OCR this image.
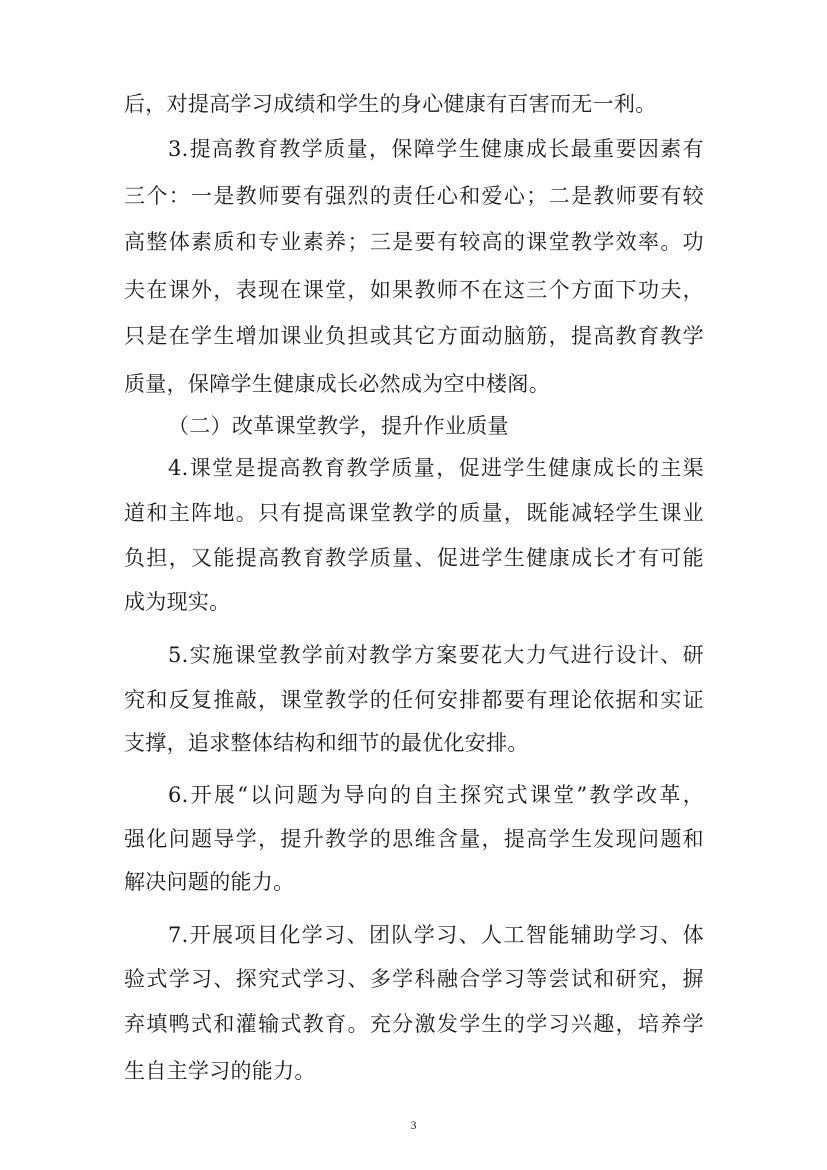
后，对提高学习成绩和学生的身心健康有百害而无一利。
3.提高教育教学质量，保障学生健康成长最重要因素有
三个：一是教师要有强烈的责任心和爱心；二是教师要有较
高整体素质和专业素养；三是要有较高的课堂教学效率。功
夫在课外，表现在课堂，如果教师不在这三个方面下功夫，
只是在学生增加课业负担或其它方面动脑筋，提高教育教学
质量，保障学生健康成长必然成为空中楼阁。
（二）改革课堂教学，提升作业质量
4.课堂是提高教育教学质量，促进学生健康成长的主渠
道和主阵地。只有提高课堂教学的质量，既能减轻学生课业
负担，又能提高教育教学质量、促进学生健康成长才有可能
成为现实。
5.实施课堂教学前对教学方案要花大力气进行设计、研
究和反复推敲，课堂教学的任何安排都要有理论依据和实证
支撑，追求整体结构和细节的最优化安排。
6.开展“以问题为导向的自主探究式课堂”教学改革，
强化问题导学，提升教学的思维含量，提高学生发现问题和
解决问题的能力。
7.开展项目化学习、团队学习、人工智能辅助学习、体
验式学习、探究式学习、多学科融合学习等尝试和研究，摒
弃填鸭式和灌输式教育。充分激发学生的学习兴趣，培养学
生自主学习的能力。
3
